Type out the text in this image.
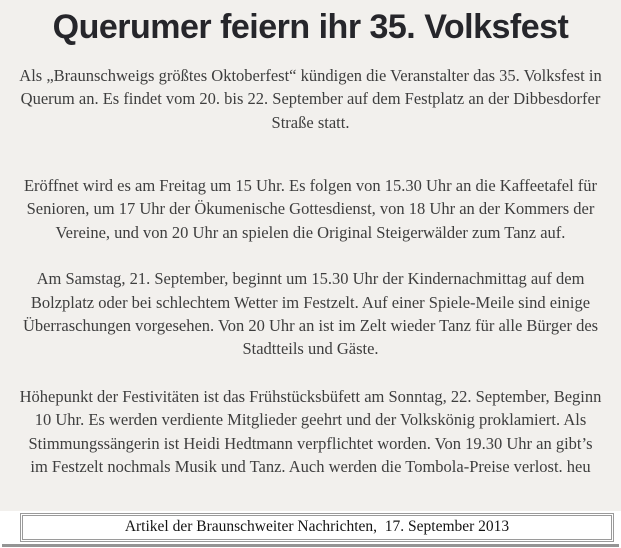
Querumer feiern ihr 35. Volksfest

Als „Braunschweigs größtes Oktoberfest“ kündigen die Veranstalter das 35. Volksfest in Querum an. Es findet vom 20. bis 22. September auf dem Festplatz an der Dibbesdorfer Straße statt.

Eröffnet wird es am Freitag um 15 Uhr. Es folgen von 15.30 Uhr an die Kaffeetafel für Senioren, um 17 Uhr der Ökumenische Gottesdienst, von 18 Uhr an der Kommers der Vereine, und von 20 Uhr an spielen die Original Steigerwälder zum Tanz auf.

Am Samstag, 21. September, beginnt um 15.30 Uhr der Kindernachmittag auf dem Bolzplatz oder bei schlechtem Wetter im Festzelt. Auf einer Spiele-Meile sind einige Überraschungen vorgesehen. Von 20 Uhr an ist im Zelt wieder Tanz für alle Bürger des Stadtteils und Gäste.

Höhepunkt der Festivitäten ist das Frühstücksbüfett am Sonntag, 22. September, Beginn 10 Uhr. Es werden verdiente Mitglieder geehrt und der Volkskönig proklamiert. Als Stimmungssängerin ist Heidi Hedtmann verpflichtet worden. Von 19.30 Uhr an gibt’s im Festzelt nochmals Musik und Tanz. Auch werden die Tombola-Preise verlost. heu

Artikel der Braunschweiter Nachrichten,  17. September 2013
